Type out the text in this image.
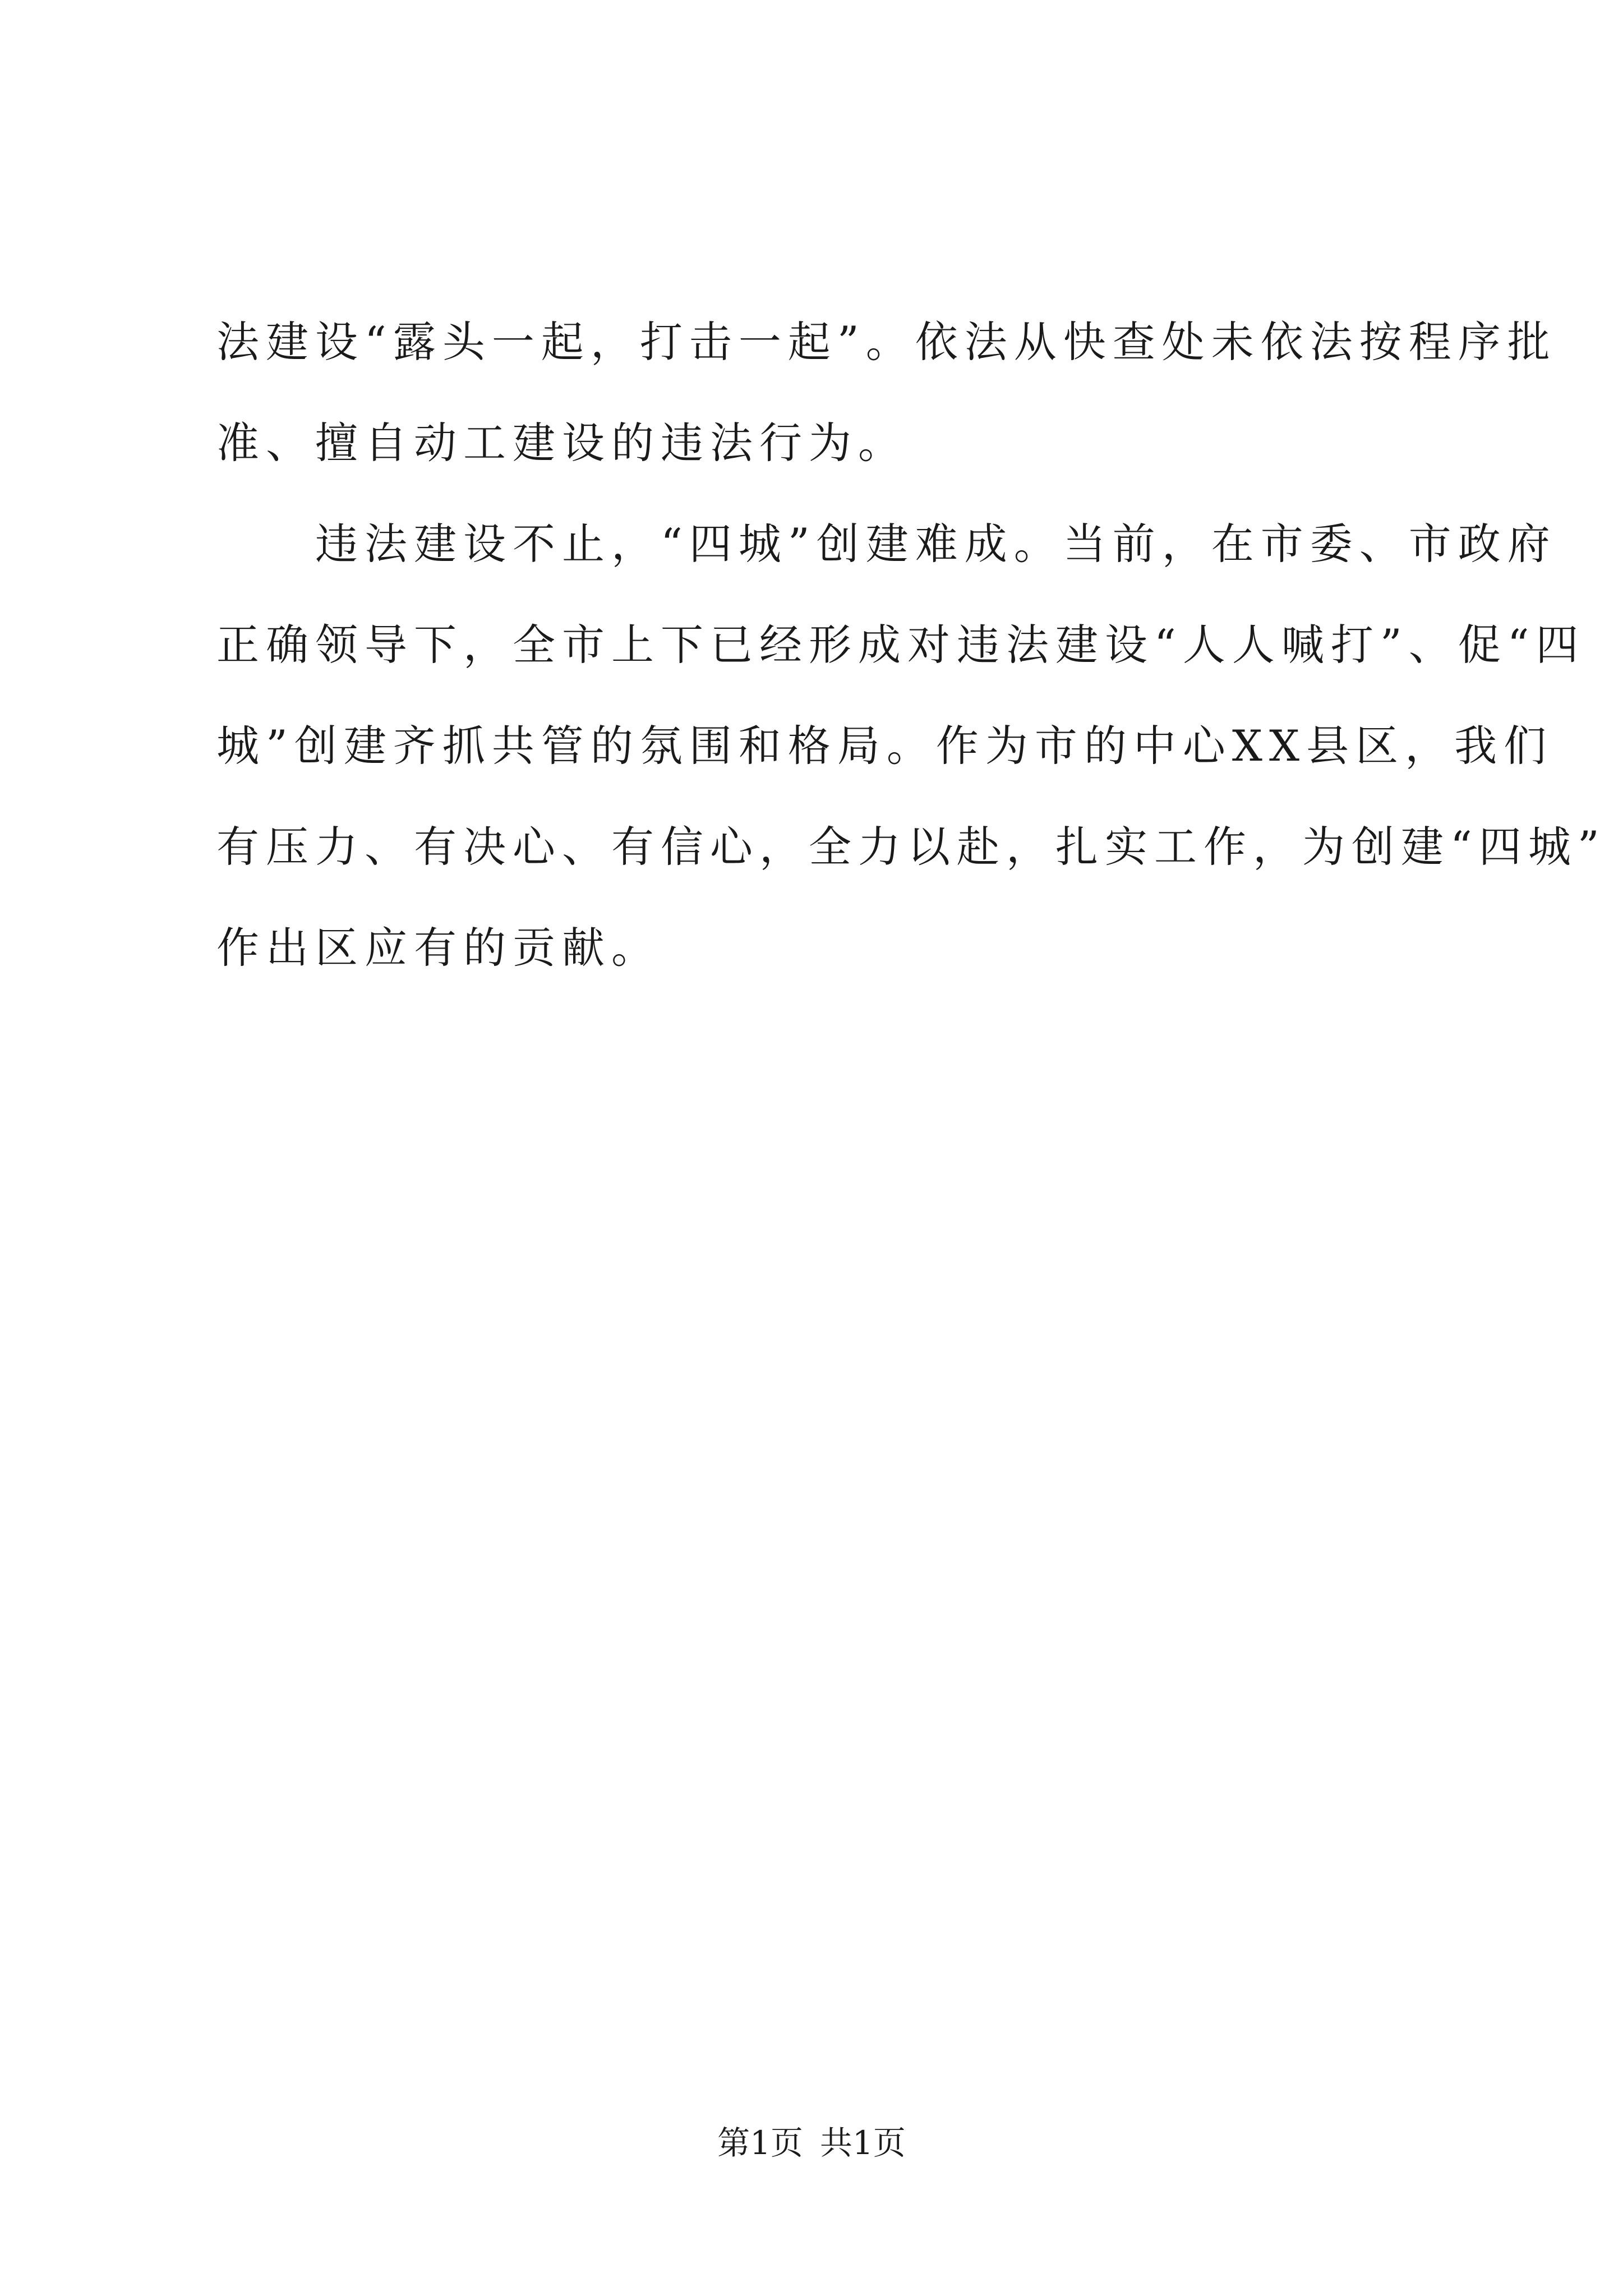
法建设“露头一起，打击一起”。依法从快查处未依法按程序批
准、擅自动工建设的违法行为。
违法建设不止，“四城”创建难成。当前，在市委、市政府
正确领导下，全市上下已经形成对违法建设“人人喊打”、促“四
城”创建齐抓共管的氛围和格局。作为市的中心XX县区，我们
有压力、有决心、有信心，全力以赴，扎实工作，为创建“四城”
作出区应有的贡献。
第1页 共1页
